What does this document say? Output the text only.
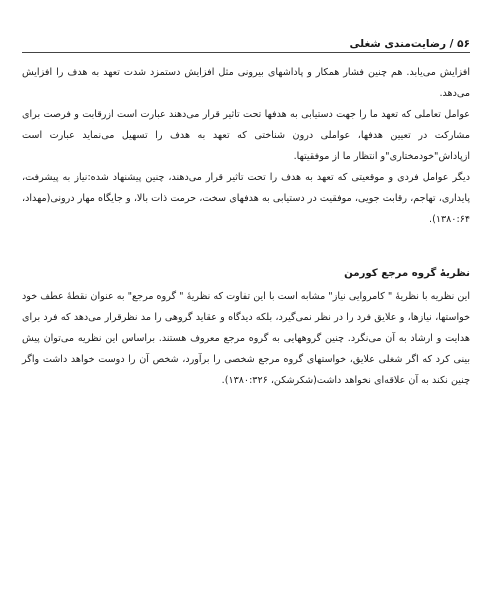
۵۶ / رضایت‌مندی شغلی

افزایش می‌یابد. هم چنین فشار همکار و پاداشهای بیرونی مثل افزایش دستمزد شدت تعهد به هدف را افزایش می‌دهد.

عوامل تعاملی که تعهد ما را جهت دستیابی به هدفها تحت تاثیر قرار می‌دهند عبارت است ازرقابت و فرصت برای مشارکت در تعیین هدفها، عواملی درون شناختی که تعهد به هدف را تسهیل می‌نماید عبارت است ازپاداش"خودمختاری"و انتظار ما از موفقیتها.

دیگر عوامل فردی و موقعیتی که تعهد به هدف را تحت تاثیر قرار می‌دهند، چنین پیشنهاد شده:نیاز به پیشرفت، پایداری، تهاجم، رقابت جویی، موفقیت در دستیابی به هدفهای سخت، حرمت ذات بالا، و جایگاه مهار درونی(مهداد، ۱۳۸۰:۶۴).

نظریهٔ گروه مرجع کورمن

این نظریه با نظریهٔ " کامروایی نیاز" مشابه است با این تفاوت که نظریهٔ " گروه مرجع" به عنوان نقطهٔ عطف خود خواستها، نیازها، و علایق فرد را در نظر نمی‌گیرد، بلکه دیدگاه و عقاید گروهی را مد نظرقرار می‌دهد که فرد برای هدایت و ارشاد به آن می‌نگرد. چنین گروههایی به گروه مرجع معروف هستند. براساس این نظریه می‌توان پیش بینی کرد که اگر شغلی علایق، خواستهای گروه مرجع شخصی را برآورد، شخص آن را دوست خواهد داشت واگر چنین نکند به آن علاقه‌ای نخواهد داشت(شکرشکن، ۱۳۸۰:۳۲۶).
